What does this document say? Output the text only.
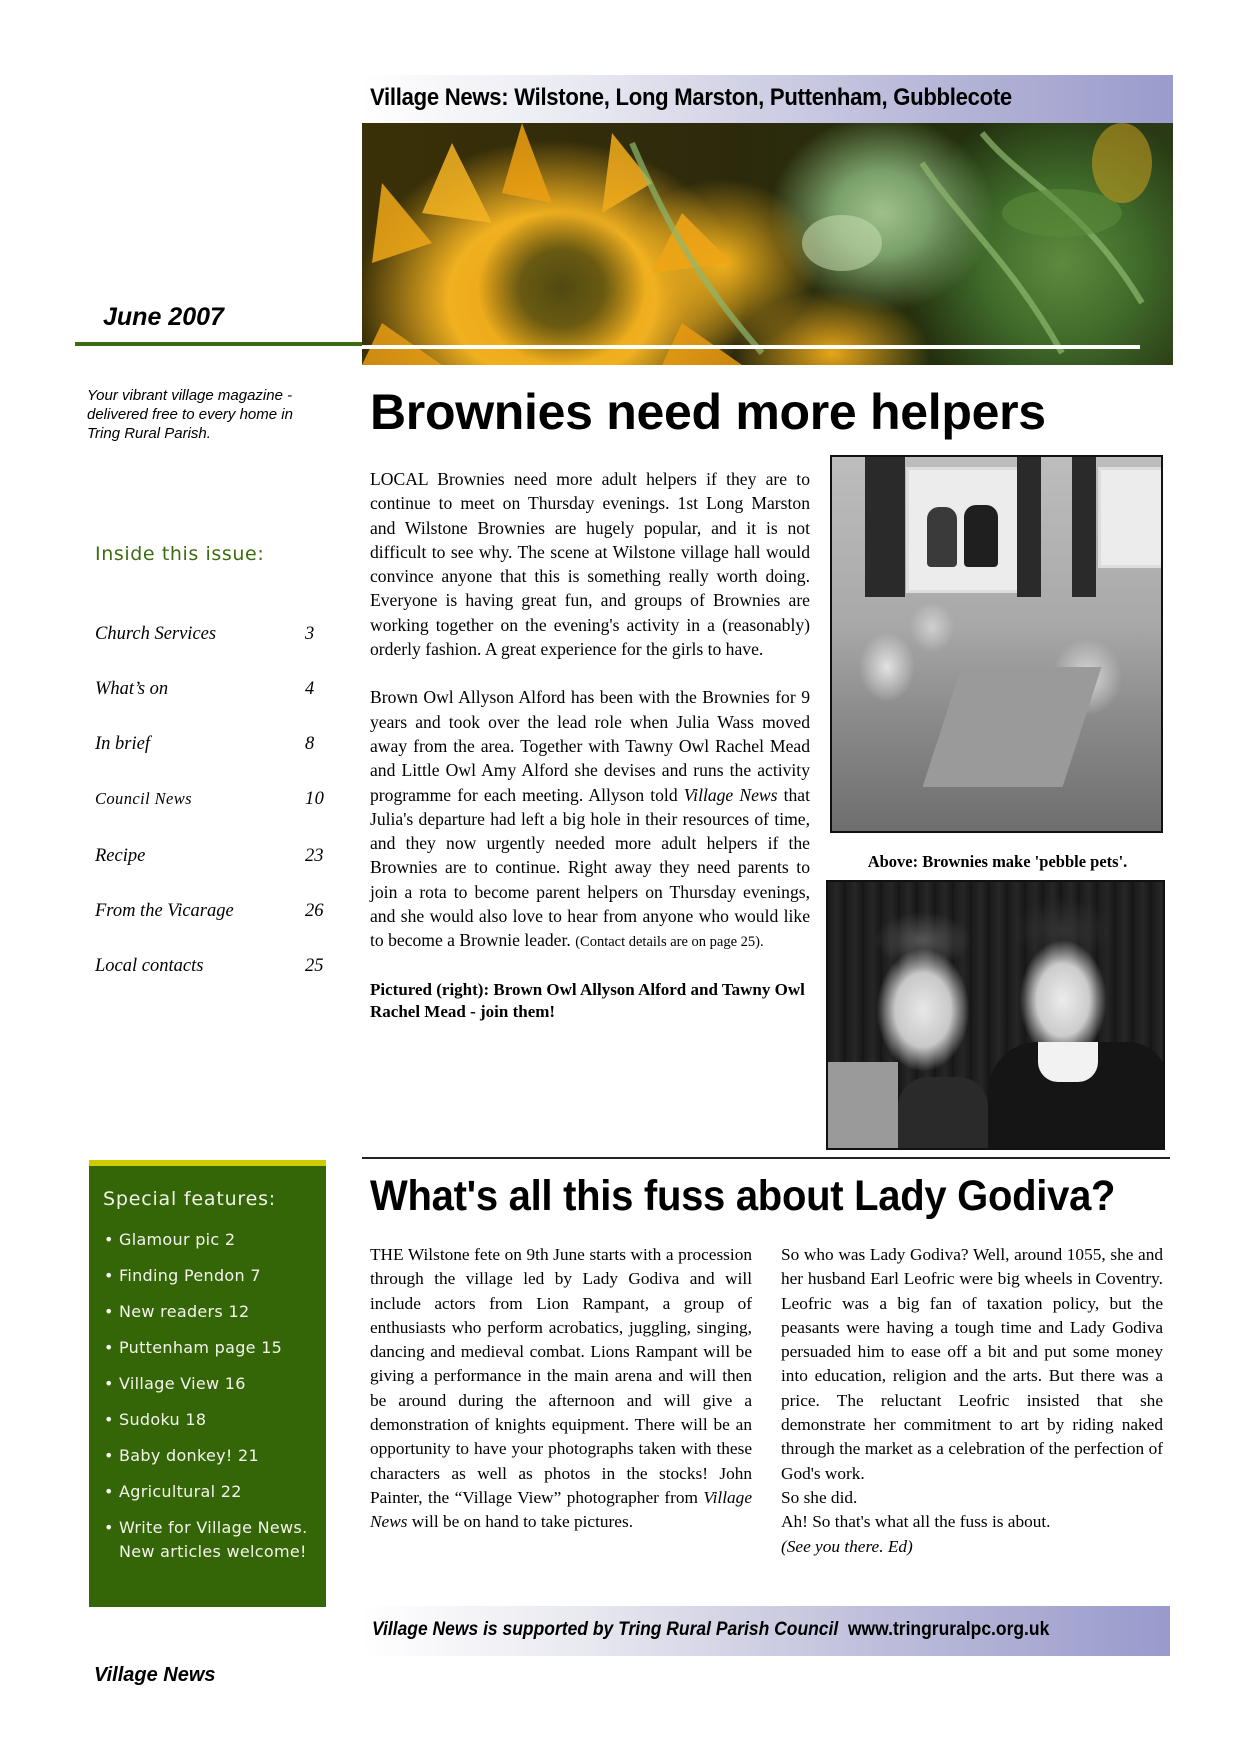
Village News: Wilstone, Long Marston, Puttenham, Gubblecote
June 2007
Your vibrant village magazine - delivered free to every home in Tring Rural Parish.
Inside this issue:
Church Services	3
What’s on	4
In brief	8
Council News	10
Recipe	23
From the Vicarage	26
Local contacts	25
Brownies need more helpers

LOCAL Brownies need more adult helpers if they are to continue to meet on Thursday evenings. 1st Long Marston and Wilstone Brownies are hugely popular, and it is not difficult to see why. The scene at Wilstone village hall would convince anyone that this is something really worth doing. Everyone is having great fun, and groups of Brownies are working together on the evening's activity in a (reasonably) orderly fashion. A great experience for the girls to have.

Brown Owl Allyson Alford has been with the Brownies for 9 years and took over the lead role when Julia Wass moved away from the area. Together with Tawny Owl Rachel Mead and Little Owl Amy Alford she devises and runs the activity programme for each meeting. Allyson told Village News that Julia's departure had left a big hole in their resources of time, and they now urgently needed more adult helpers if the Brownies are to continue. Right away they need parents to join a rota to become parent helpers on Thursday evenings, and she would also love to hear from anyone who would like to become a Brownie leader. (Contact details are on page 25).

Pictured (right): Brown Owl Allyson Alford and Tawny Owl Rachel Mead - join them!

Above: Brownies make 'pebble pets'.
Special features:
• Glamour pic 2
• Finding Pendon 7
• New readers 12
• Puttenham page 15
• Village View 16
• Sudoku 18
• Baby donkey! 21
• Agricultural 22
• Write for Village News. New articles welcome!
What's all this fuss about Lady Godiva?

THE Wilstone fete on 9th June starts with a procession through the village led by Lady Godiva and will include actors from Lion Rampant, a group of enthusiasts who perform acrobatics, juggling, singing, dancing and medieval combat. Lions Rampant will be giving a performance in the main arena and will then be around during the afternoon and will give a demonstration of knights equipment. There will be an opportunity to have your photographs taken with these characters as well as photos in the stocks! John Painter, the “Village View” photographer from Village News will be on hand to take pictures.

So who was Lady Godiva? Well, around 1055, she and her husband Earl Leofric were big wheels in Coventry. Leofric was a big fan of taxation policy, but the peasants were having a tough time and Lady Godiva persuaded him to ease off a bit and put some money into education, religion and the arts. But there was a price. The reluctant Leofric insisted that she demonstrate her commitment to art by riding naked through the market as a celebration of the perfection of God's work.

So she did.

Ah! So that's what all the fuss is about.

(See you there. Ed)

Village News is supported by Tring Rural Parish Council www.tringruralpc.org.uk
Village News
